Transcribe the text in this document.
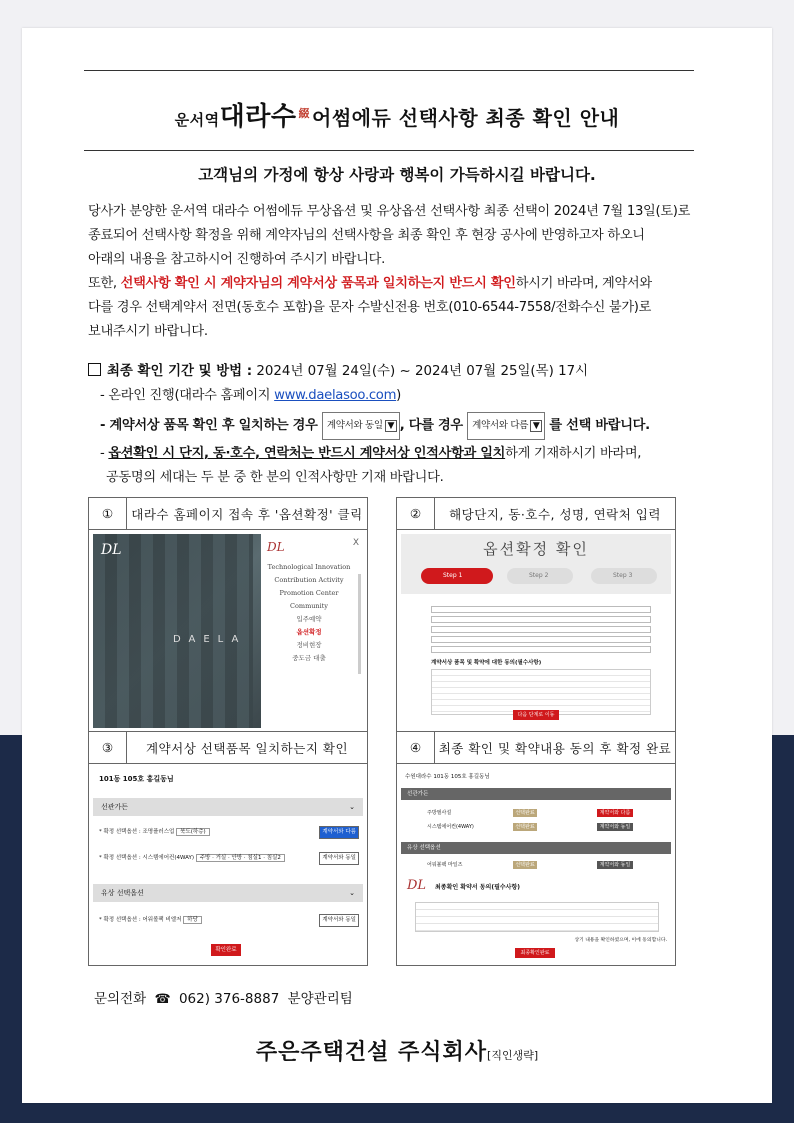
운서역대라수 $^綴$ 어썸에듀 선택사항 최종 확인 안내
고객님의 가정에 항상 사랑과 행복이 가득하시길 바랍니다.
당사가 분양한 운서역 대라수 어썸에듀 무상옵션 및 유상옵션 선택사항 최종 선택이 2024년 7월 13일(토)로
종료되어 선택사항 확정을 위해 계약자님의 선택사항을 최종 확인 후 현장 공사에 반영하고자 하오니
아래의 내용을 참고하시어 진행하여 주시기 바랍니다.
또한, 선택사항 확인 시 계약자님의 계약서상 품목과 일치하는지 반드시 확인하시기 바라며, 계약서와
다를 경우 선택계약서 전면(동호수 포함)을 문자 수발신전용 번호(010-6544-7558/전화수신 불가)로
보내주시기 바랍니다.
최종 확인 기간 및 방법 : 2024년 07월 24일(수) ~ 2024년 07월 25일(목) 17시
- 온라인 진행(대라수 홈페이지 www.daelasoo.com)
- 계약서상 품목 확인 후 일치하는 경우 계약서와 동일 ▼ , 다를 경우 계약서와 다름 ▼ 를 선택 바랍니다.
- 옵션확인 시 단지, 동·호수, 연락처는 반드시 계약서상 인적사항과 일치하게 기재하시기 바라며,
공동명의 세대는 두 분 중 한 분의 인적사항만 기재 바랍니다.
①	대라수 홈페이지 접속 후 '옵션확정' 클릭
DL
DAELA
DL	X
Technological Innovation
Contribution Activity
Promotion Center
Community
입주예약
옵션확정
정비현장
중도금 대출
②	해당단지, 동·호수, 성명, 연락처 입력
옵션확정 확인
Step 1	Step 2	Step 3
계약서상 품목 및 확약에 대한 동의(필수사항)
다음 단계로 이동
③	계약서상 선택품목 일치하는지 확인
101동 105호 홍길동님
선관가든	⌄
* 확정 선택옵션 : 조명플러스업 북도(하층)	계약서와 다름
* 확정 선택옵션 : 시스템에어컨(4WAY) 주방 · 거실 · 안방 · 침실1 · 침실2	계약서와 동일
유상 선택옵션	⌄
* 확정 선택옵션 : 어워볼팩 비엘저 하당	계약서와 동일
확인완료
④	최종 확인 및 확약내용 동의 후 확정 완료
수원대라수 101동 105호 홍길동님
선관가든
주방필사설	선택완료	계약서와 다름
시스템에어컨(4WAY)	선택완료	계약서와 동일
유상 선택옵션
어워볼팩 마일즈	선택완료	계약서와 동일
DL 최종확인 확약서 동의(필수사항)
상기 내용을 확인하였으며, 이에 동의합니다.
최종확인완료
문의전화 ☎ 062) 376-8887 분양관리팀
주은주택건설 주식회사[직인생략]
